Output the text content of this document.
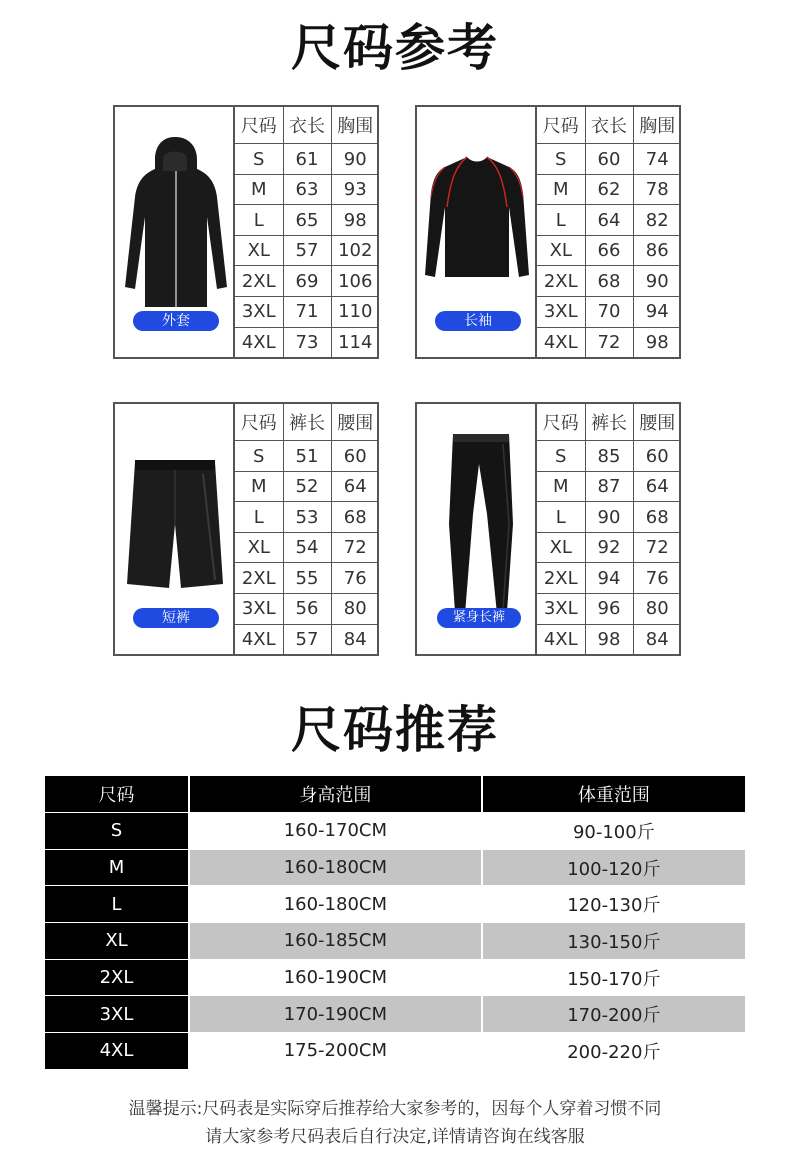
尺码参考
外套
尺码	衣长	胸围
S	61	90
M	63	93
L	65	98
XL	57	102
2XL	69	106
3XL	71	110
4XL	73	114
长袖
尺码	衣长	胸围
S	60	74
M	62	78
L	64	82
XL	66	86
2XL	68	90
3XL	70	94
4XL	72	98
短裤
尺码	裤长	腰围
S	51	60
M	52	64
L	53	68
XL	54	72
2XL	55	76
3XL	56	80
4XL	57	84
紧身长裤
尺码	裤长	腰围
S	85	60
M	87	64
L	90	68
XL	92	72
2XL	94	76
3XL	96	80
4XL	98	84
尺码推荐
尺码	身高范围	体重范围
S	160-170CM	90-100斤
M	160-180CM	100-120斤
L	160-180CM	120-130斤
XL	160-185CM	130-150斤
2XL	160-190CM	150-170斤
3XL	170-190CM	170-200斤
4XL	175-200CM	200-220斤
温馨提示:尺码表是实际穿后推荐给大家参考的，因每个人穿着习惯不同
请大家参考尺码表后自行决定,详情请咨询在线客服
